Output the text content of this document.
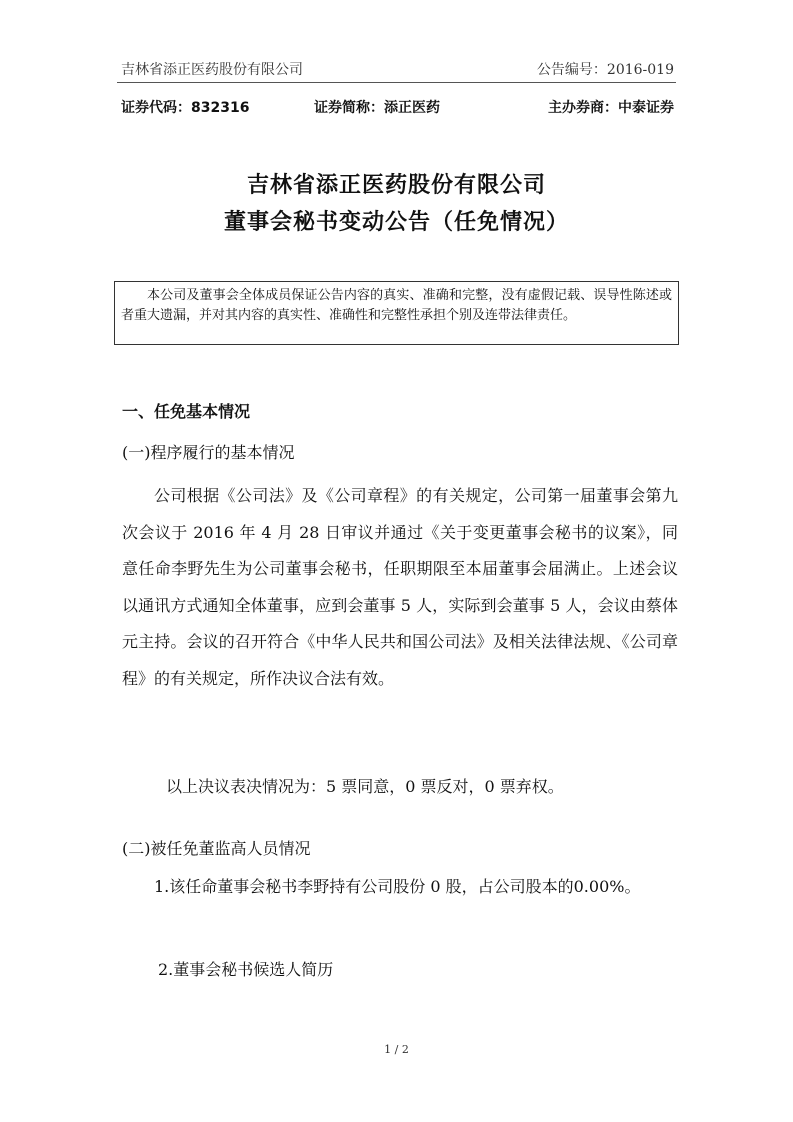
吉林省添正医药股份有限公司	公告编号：2016-019
证券代码：832316	证券简称：添正医药	主办券商：中泰证券
吉林省添正医药股份有限公司
董事会秘书变动公告（任免情况）
本公司及董事会全体成员保证公告内容的真实、准确和完整，没有虚假记载、误导性陈述或者重大遗漏，并对其内容的真实性、准确性和完整性承担个别及连带法律责任。
一、任免基本情况
(一)程序履行的基本情况
公司根据《公司法》及《公司章程》的有关规定，公司第一届董事会第九次会议于 2016 年 4 月 28 日审议并通过《关于变更董事会秘书的议案》，同意任命李野先生为公司董事会秘书，任职期限至本届董事会届满止。上述会议以通讯方式通知全体董事，应到会董事 5 人，实际到会董事 5 人，会议由蔡体元主持。会议的召开符合《中华人民共和国公司法》及相关法律法规、《公司章程》的有关规定，所作决议合法有效。
以上决议表决情况为：5 票同意，0 票反对，0 票弃权。
(二)被任免董监高人员情况
1.该任命董事会秘书李野持有公司股份 0 股，占公司股本的0.00%。
2.董事会秘书候选人简历
1 / 2
